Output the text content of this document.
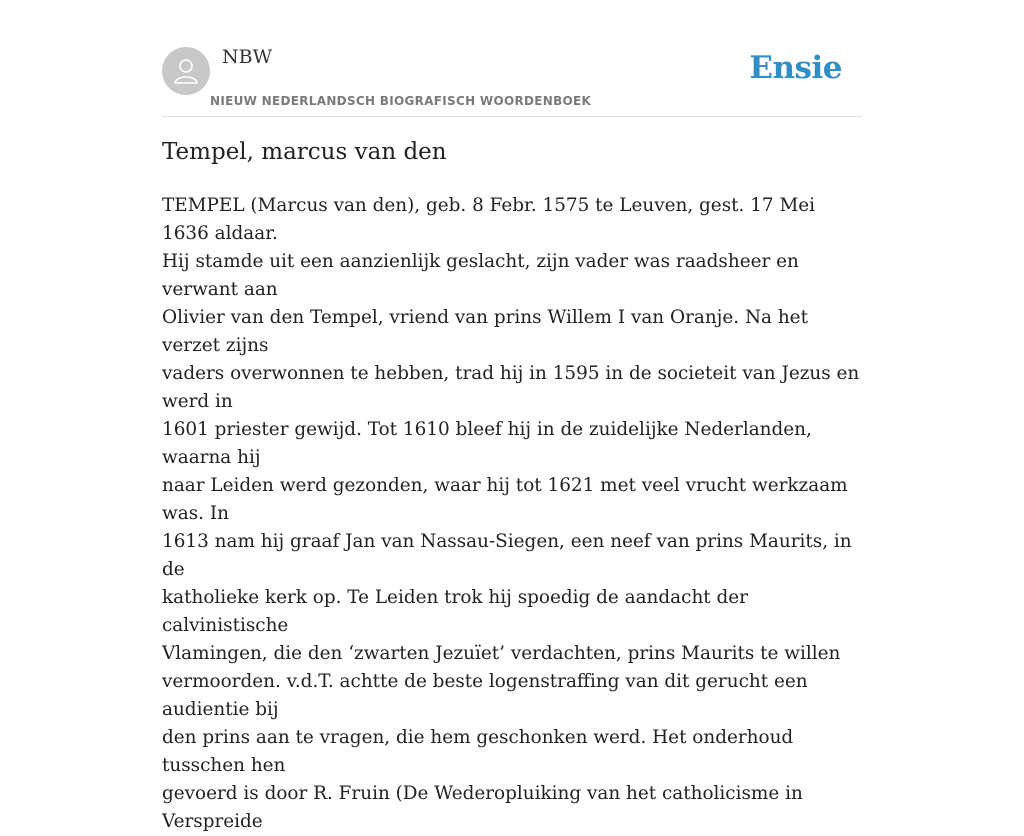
NBW
NIEUW NEDERLANDSCH BIOGRAFISCH WOORDENBOEK
Ensie
Tempel, marcus van den
TEMPEL (Marcus van den), geb. 8 Febr. 1575 te Leuven, gest. 17 Mei 1636 aldaar.
Hij stamde uit een aanzienlijk geslacht, zijn vader was raadsheer en verwant aan
Olivier van den Tempel, vriend van prins Willem I van Oranje. Na het verzet zijns
vaders overwonnen te hebben, trad hij in 1595 in de societeit van Jezus en werd in
1601 priester gewijd. Tot 1610 bleef hij in de zuidelijke Nederlanden, waarna hij
naar Leiden werd gezonden, waar hij tot 1621 met veel vrucht werkzaam was. In
1613 nam hij graaf Jan van Nassau-Siegen, een neef van prins Maurits, in de
katholieke kerk op. Te Leiden trok hij spoedig de aandacht der calvinistische
Vlamingen, die den ‘zwarten Jezuïet’ verdachten, prins Maurits te willen
vermoorden. v.d.T. achtte de beste logenstraffing van dit gerucht een audientie bij
den prins aan te vragen, die hem geschonken werd. Het onderhoud tusschen hen
gevoerd is door R. Fruin (De Wederopluiking van het catholicisme in Verspreide
